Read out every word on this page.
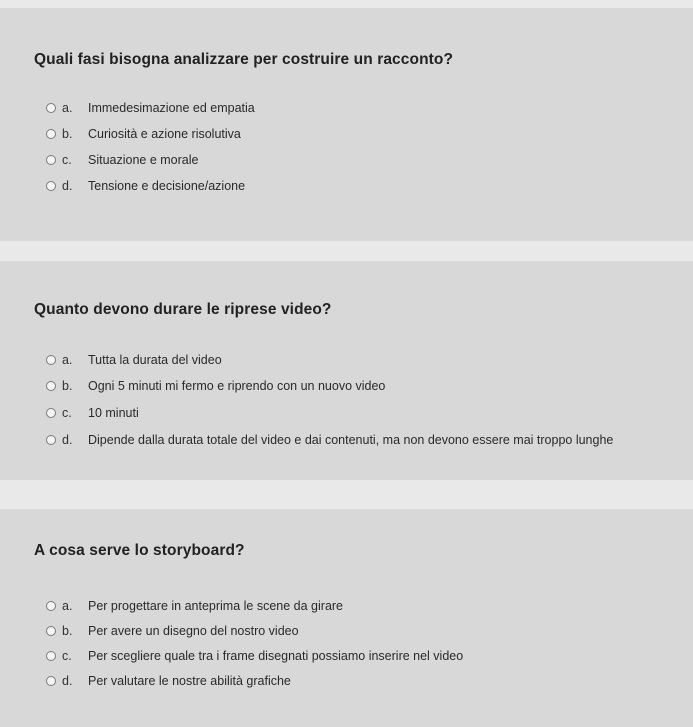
Quali fasi bisogna analizzare per costruire un racconto?
a.	Immedesimazione ed empatia
b.	Curiosità e azione risolutiva
c.	Situazione e morale
d.	Tensione e decisione/azione
Quanto devono durare le riprese video?
a.	Tutta la durata del video
b.	Ogni 5 minuti mi fermo e riprendo con un nuovo video
c.	10 minuti
d.	Dipende dalla durata totale del video e dai contenuti, ma non devono essere mai troppo lunghe
A cosa serve lo storyboard?
a.	Per progettare in anteprima le scene da girare
b.	Per avere un disegno del nostro video
c.	Per scegliere quale tra i frame disegnati possiamo inserire nel video
d.	Per valutare le nostre abilità grafiche
